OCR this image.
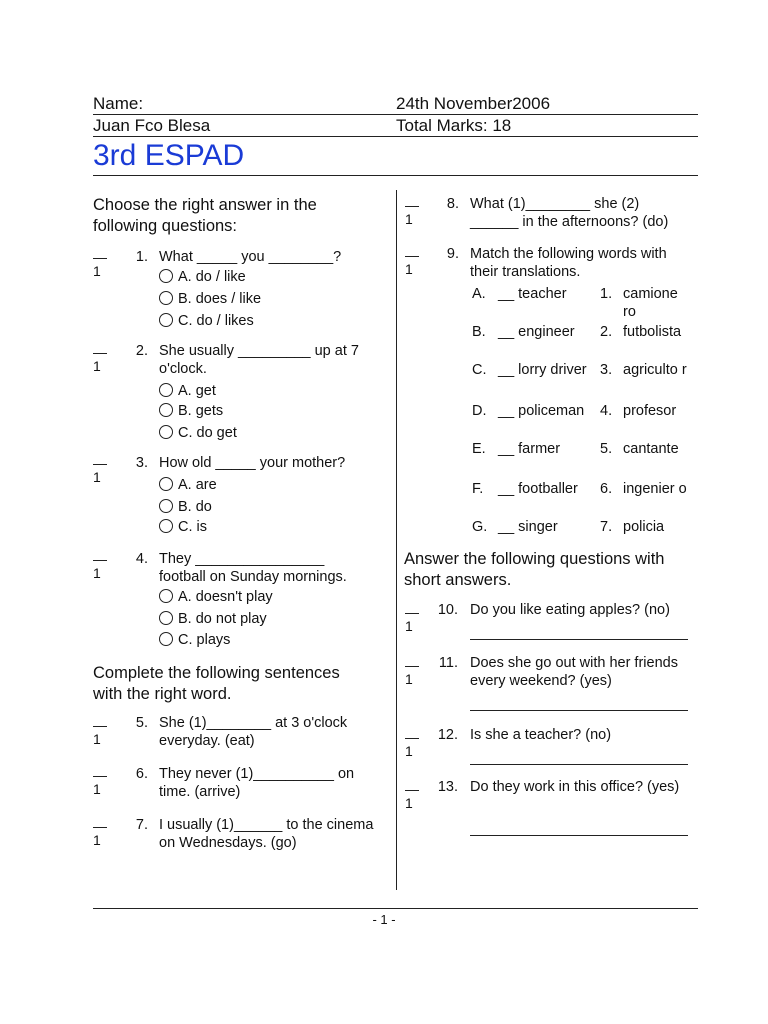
Name:	24th November2006
Juan Fco Blesa	Total Marks: 18
3rd ESPAD
Choose the right answer in the following questions:
1
1. What _____ you ________?
A. do / like
B. does / like
C. do / likes
1
2. She usually _________ up at 7 o'clock.
A. get
B. gets
C. do get
1
3. How old _____ your mother?
A. are
B. do
C. is
1
4. They ________________ football on Sunday mornings.
A. doesn't play
B. do not play
C. plays
Complete the following sentences with the right word.
1
5. She (1)________ at 3 o'clock everyday. (eat)
1
6. They never (1)__________ on time. (arrive)
1
7. I usually (1)______ to the cinema on Wednesdays. (go)
1
8. What (1)________ she (2) ______ in the afternoons? (do)
1
9. Match the following words with their translations.
A. __ teacher	1. camione ro
B. __ engineer	2. futbolista
C. __ lorry driver 3. agriculto r
D. __ policeman	4. profesor
E. __ farmer	5. cantante
F.	__ footballer	6. ingenier o
G. __ singer	7. policia
Answer the following questions with short answers.
1
10. Do you like eating apples? (no)
1
11. Does she go out with her friends every weekend? (yes)
1
12. Is she a teacher? (no)
1
13. Do they work in this office? (yes)
- 1 -
